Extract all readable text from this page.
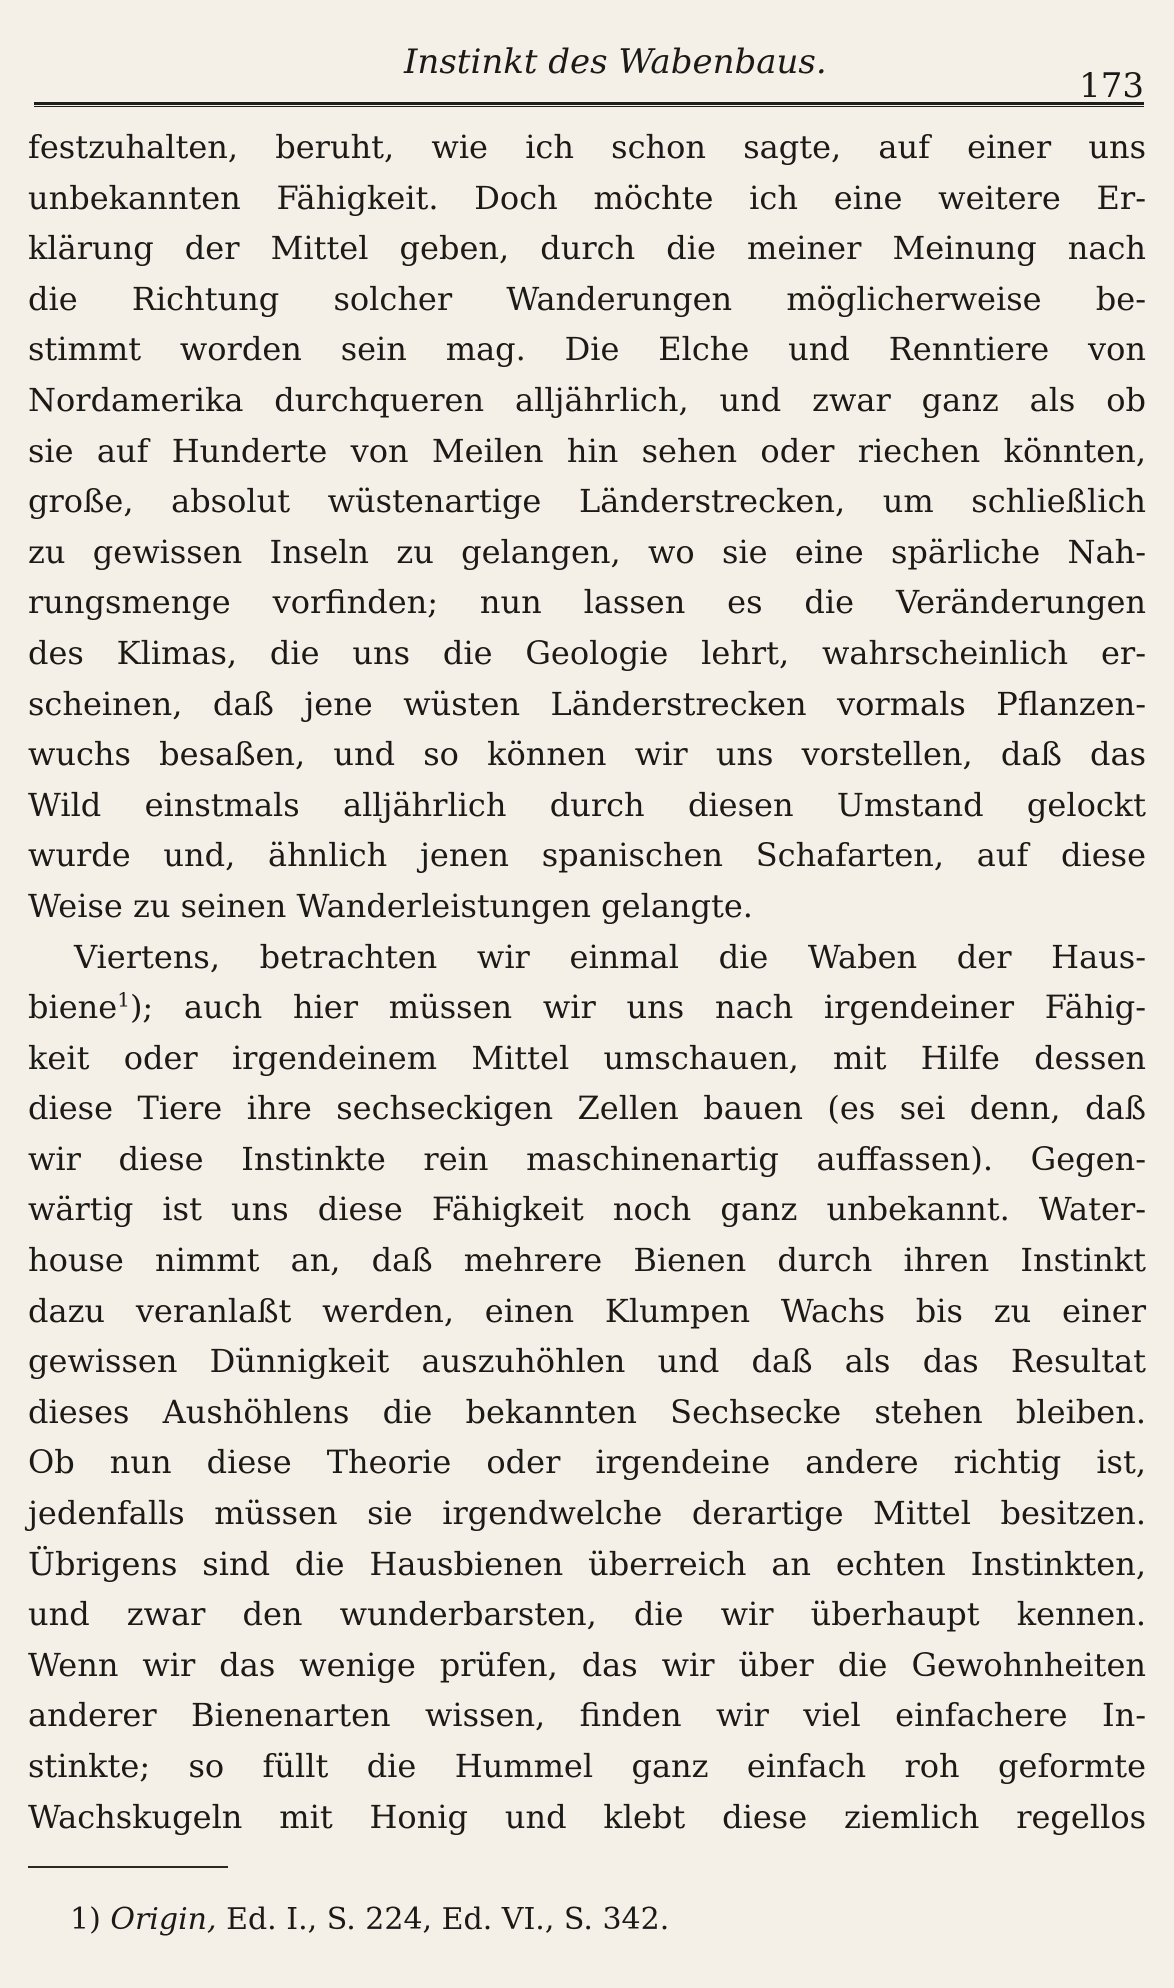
Instinkt des Wabenbaus.
173
festzuhalten, beruht, wie ich schon sagte, auf einer uns
unbekannten Fähigkeit. Doch möchte ich eine weitere Er-
klärung der Mittel geben, durch die meiner Meinung nach
die Richtung solcher Wanderungen möglicherweise be-
stimmt worden sein mag. Die Elche und Renntiere von
Nordamerika durchqueren alljährlich, und zwar ganz als ob
sie auf Hunderte von Meilen hin sehen oder riechen könnten,
große, absolut wüstenartige Länderstrecken, um schließlich
zu gewissen Inseln zu gelangen, wo sie eine spärliche Nah-
rungsmenge vorfinden; nun lassen es die Veränderungen
des Klimas, die uns die Geologie lehrt, wahrscheinlich er-
scheinen, daß jene wüsten Länderstrecken vormals Pflanzen-
wuchs besaßen, und so können wir uns vorstellen, daß das
Wild einstmals alljährlich durch diesen Umstand gelockt
wurde und, ähnlich jenen spanischen Schafarten, auf diese
Weise zu seinen Wanderleistungen gelangte.
Viertens, betrachten wir einmal die Waben der Haus-
biene$^1$); auch hier müssen wir uns nach irgendeiner Fähig-
keit oder irgendeinem Mittel umschauen, mit Hilfe dessen
diese Tiere ihre sechseckigen Zellen bauen (es sei denn, daß
wir diese Instinkte rein maschinenartig auffassen). Gegen-
wärtig ist uns diese Fähigkeit noch ganz unbekannt. Water-
house nimmt an, daß mehrere Bienen durch ihren Instinkt
dazu veranlaßt werden, einen Klumpen Wachs bis zu einer
gewissen Dünnigkeit auszuhöhlen und daß als das Resultat
dieses Aushöhlens die bekannten Sechsecke stehen bleiben.
Ob nun diese Theorie oder irgendeine andere richtig ist,
jedenfalls müssen sie irgendwelche derartige Mittel besitzen.
Übrigens sind die Hausbienen überreich an echten Instinkten,
und zwar den wunderbarsten, die wir überhaupt kennen.
Wenn wir das wenige prüfen, das wir über die Gewohnheiten
anderer Bienenarten wissen, finden wir viel einfachere In-
stinkte; so füllt die Hummel ganz einfach roh geformte
Wachskugeln mit Honig und klebt diese ziemlich regellos
1) Origin, Ed. I., S. 224, Ed. VI., S. 342.
